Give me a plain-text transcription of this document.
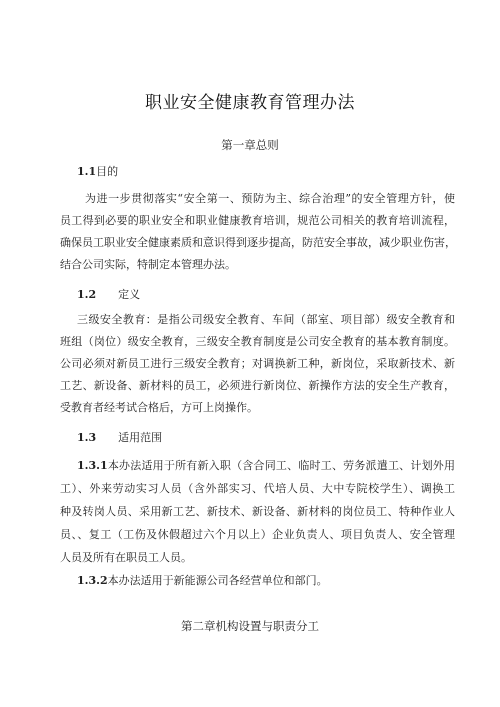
职业安全健康教育管理办法
第一章总则
1.1目的
为进一步贯彻落实“安全第一、预防为主、综合治理”的安全管理方针，使
员工得到必要的职业安全和职业健康教育培训，规范公司相关的教育培训流程，
确保员工职业安全健康素质和意识得到逐步提高，防范安全事故，减少职业伤害，
结合公司实际，特制定本管理办法。
1.2 定义
三级安全教育：是指公司级安全教育、车间（部室、项目部）级安全教育和
班组（岗位）级安全教育，三级安全教育制度是公司安全教育的基本教育制度。
公司必须对新员工进行三级安全教育；对调换新工种，新岗位，采取新技术、新
工艺、新设备、新材料的员工，必须进行新岗位、新操作方法的安全生产教育，
受教育者经考试合格后，方可上岗操作。
1.3 适用范围
1.3.1本办法适用于所有新入职（含合同工、临时工、劳务派遣工、计划外用
工）、外来劳动实习人员（含外部实习、代培人员、大中专院校学生）、调换工
种及转岗人员、采用新工艺、新技术、新设备、新材料的岗位员工、特种作业人
员、、复工（工伤及休假超过六个月以上）企业负责人、项目负责人、安全管理
人员及所有在职员工人员。
1.3.2本办法适用于新能源公司各经营单位和部门。
第二章机构设置与职责分工
